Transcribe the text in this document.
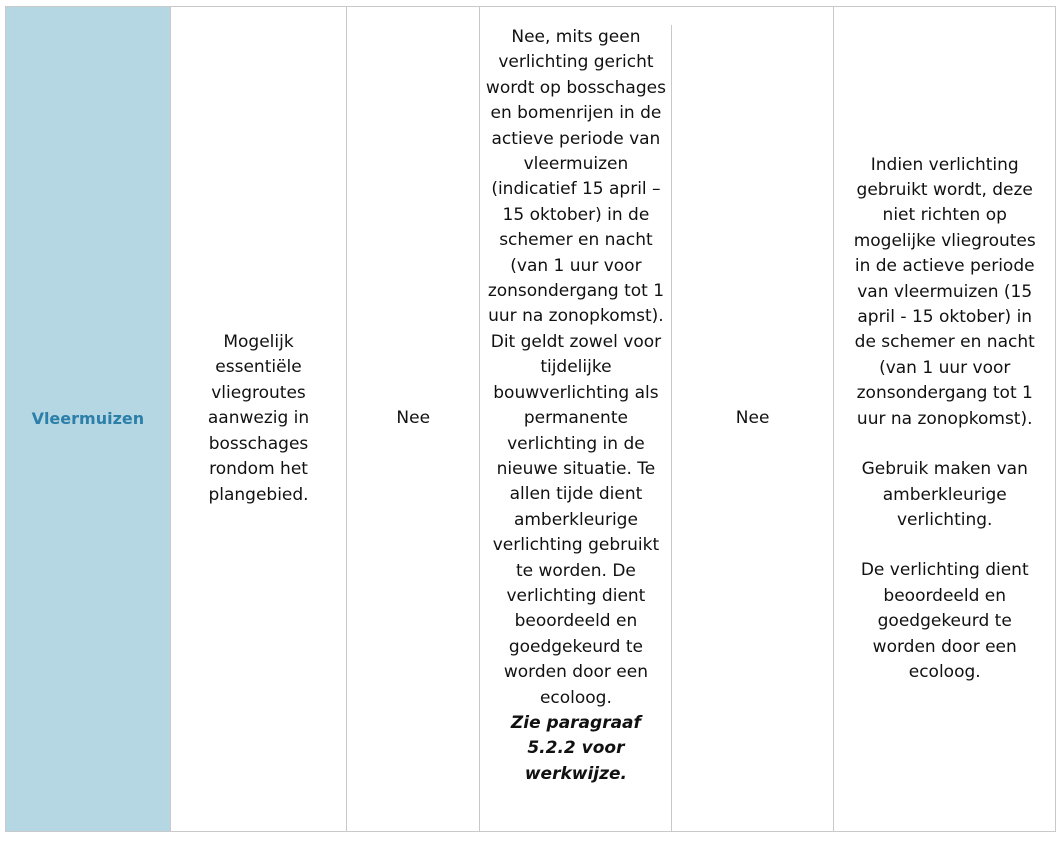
Vleermuizen
Mogelijk essentiële vliegroutes aanwezig in bosschages rondom het plangebied.
Nee
Nee, mits geen verlichting gericht wordt op bosschages en bomenrijen in de actieve periode van vleermuizen (indicatief 15 april – 15 oktober) in de schemer en nacht (van 1 uur voor zonsondergang tot 1 uur na zonopkomst). Dit geldt zowel voor tijdelijke bouwverlichting als permanente verlichting in de nieuwe situatie. Te allen tijde dient amberkleurige verlichting gebruikt te worden. De verlichting dient beoordeeld en goedgekeurd te worden door een ecoloog.
Zie paragraaf 5.2.2 voor werkwijze.
Nee

Indien verlichting gebruikt wordt, deze niet richten op mogelijke vliegroutes in de actieve periode van vleermuizen (15 april - 15 oktober) in de schemer en nacht (van 1 uur voor zonsondergang tot 1 uur na zonopkomst).

Gebruik maken van amberkleurige verlichting.

De verlichting dient beoordeeld en goedgekeurd te worden door een ecoloog.
